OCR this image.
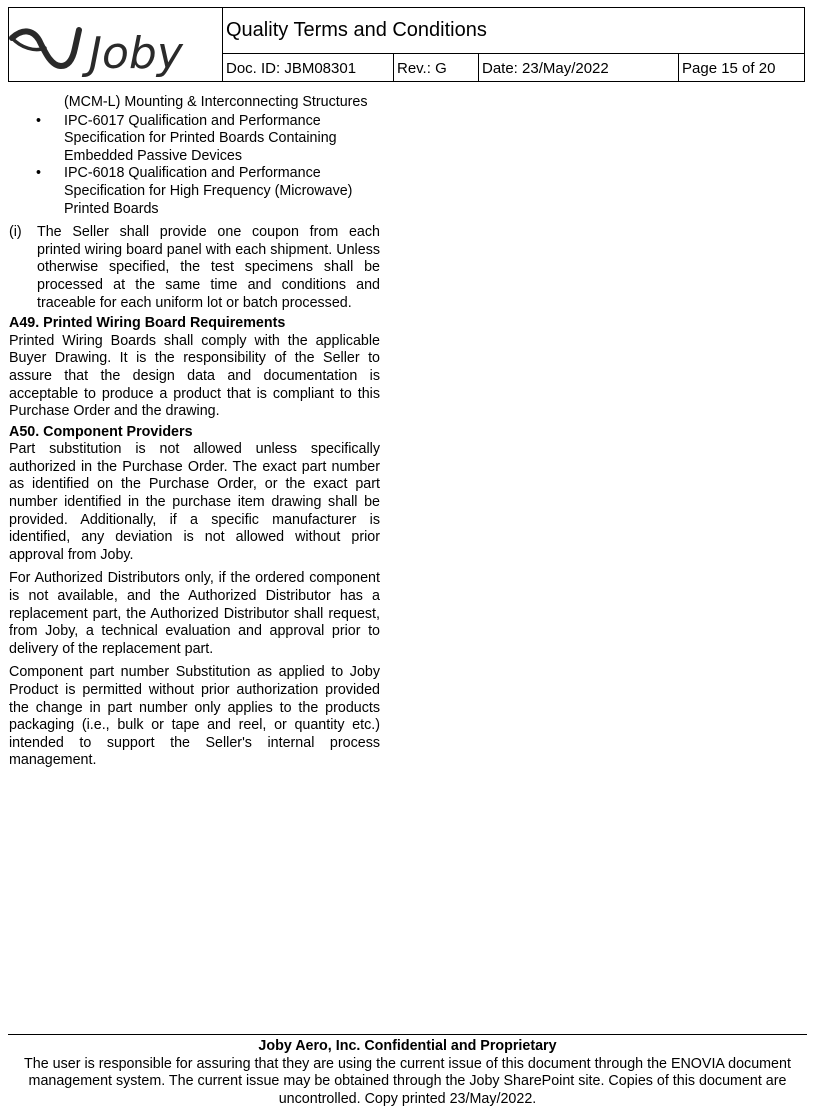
Joby Quality Terms and Conditions
Doc. ID: JBM08301	Rev.: G Date: 23/May/2022	Page 15 of 20
(MCM-L) Mounting & Interconnecting Structures
• IPC-6017 Qualification and Performance Specification for Printed Boards Containing Embedded Passive Devices
• IPC-6018 Qualification and Performance Specification for High Frequency (Microwave) Printed Boards
(i) The Seller shall provide one coupon from each printed wiring board panel with each shipment. Unless otherwise specified, the test specimens shall be processed at the same time and conditions and traceable for each uniform lot or batch processed.
A49. Printed Wiring Board Requirements

Printed Wiring Boards shall comply with the applicable Buyer Drawing. It is the responsibility of the Seller to assure that the design data and documentation is acceptable to produce a product that is compliant to this Purchase Order and the drawing.

A50. Component Providers

Part substitution is not allowed unless specifically authorized in the Purchase Order. The exact part number as identified on the Purchase Order, or the exact part number identified in the purchase item drawing shall be provided. Additionally, if a specific manufacturer is identified, any deviation is not allowed without prior approval from Joby.

For Authorized Distributors only, if the ordered component is not available, and the Authorized Distributor has a replacement part, the Authorized Distributor shall request, from Joby, a technical evaluation and approval prior to delivery of the replacement part.

Component part number Substitution as applied to Joby Product is permitted without prior authorization provided the change in part number only applies to the products packaging (i.e., bulk or tape and reel, or quantity etc.) intended to support the Seller's internal process management.

Joby Aero, Inc. Confidential and Proprietary
The user is responsible for assuring that they are using the current issue of this document through the ENOVIA document management system. The current issue may be obtained through the Joby SharePoint site. Copies of this document are uncontrolled. Copy printed 23/May/2022.
